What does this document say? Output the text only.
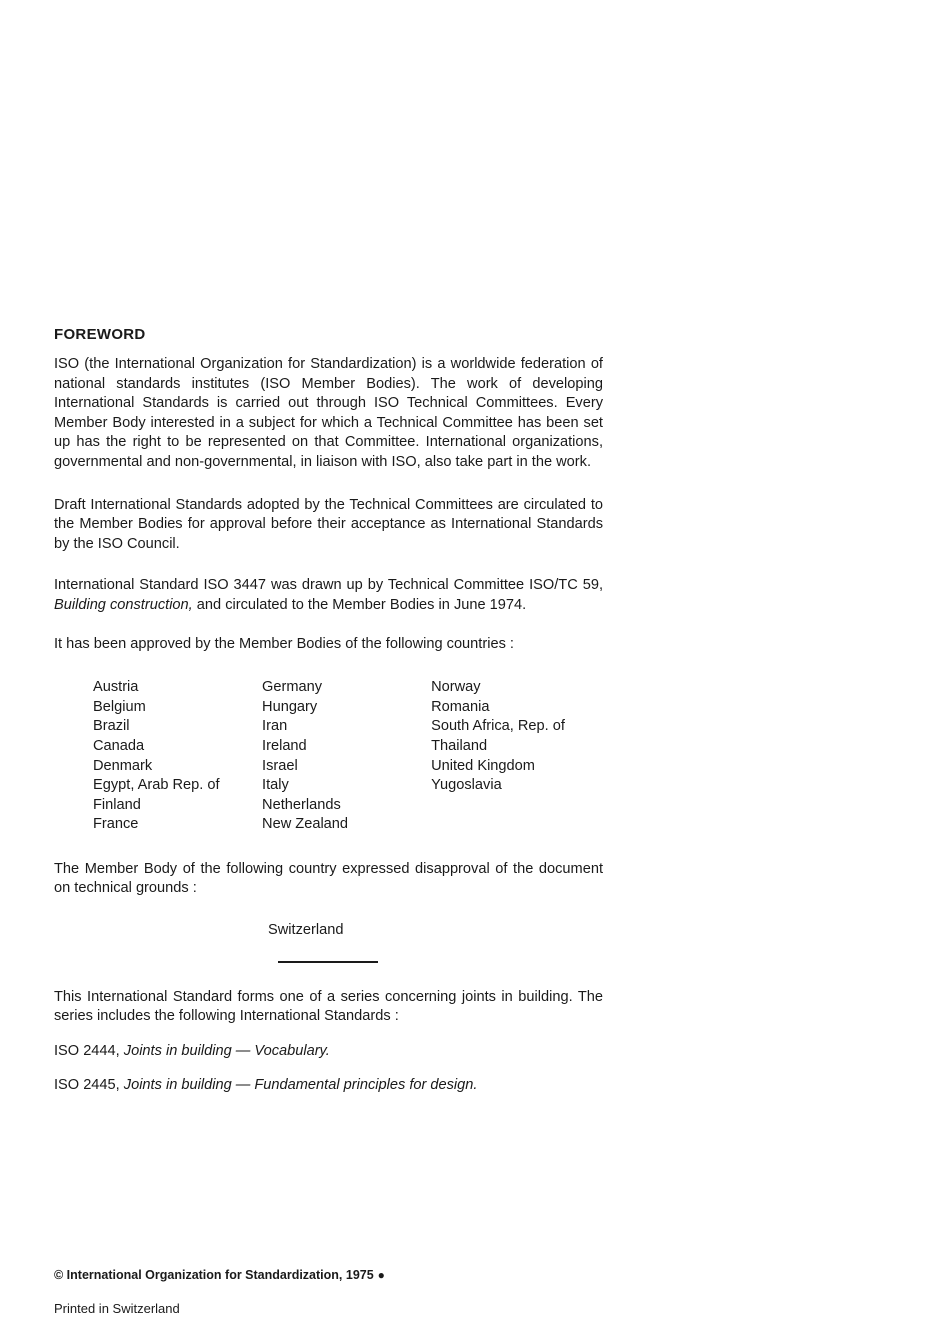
FOREWORD

ISO (the International Organization for Standardization) is a worldwide federation of national standards institutes (ISO Member Bodies). The work of developing International Standards is carried out through ISO Technical Committees. Every Member Body interested in a subject for which a Technical Committee has been set up has the right to be represented on that Committee. International organizations, governmental and non-governmental, in liaison with ISO, also take part in the work.

Draft International Standards adopted by the Technical Committees are circulated to the Member Bodies for approval before their acceptance as International Standards by the ISO Council.

International Standard ISO 3447 was drawn up by Technical Committee ISO/TC 59, Building construction, and circulated to the Member Bodies in June 1974.

It has been approved by the Member Bodies of the following countries :

Austria
Belgium
Brazil
Canada
Denmark
Egypt, Arab Rep. of
Finland
France
Germany
Hungary
Iran
Ireland
Israel
Italy
Netherlands
New Zealand
Norway
Romania
South Africa, Rep. of
Thailand
United Kingdom
Yugoslavia

The Member Body of the following country expressed disapproval of the document on technical grounds :

Switzerland

This International Standard forms one of a series concerning joints in building. The series includes the following International Standards :

ISO 2444, Joints in building — Vocabulary.

ISO 2445, Joints in building — Fundamental principles for design.

© International Organization for Standardization, 1975 ●
Printed in Switzerland
